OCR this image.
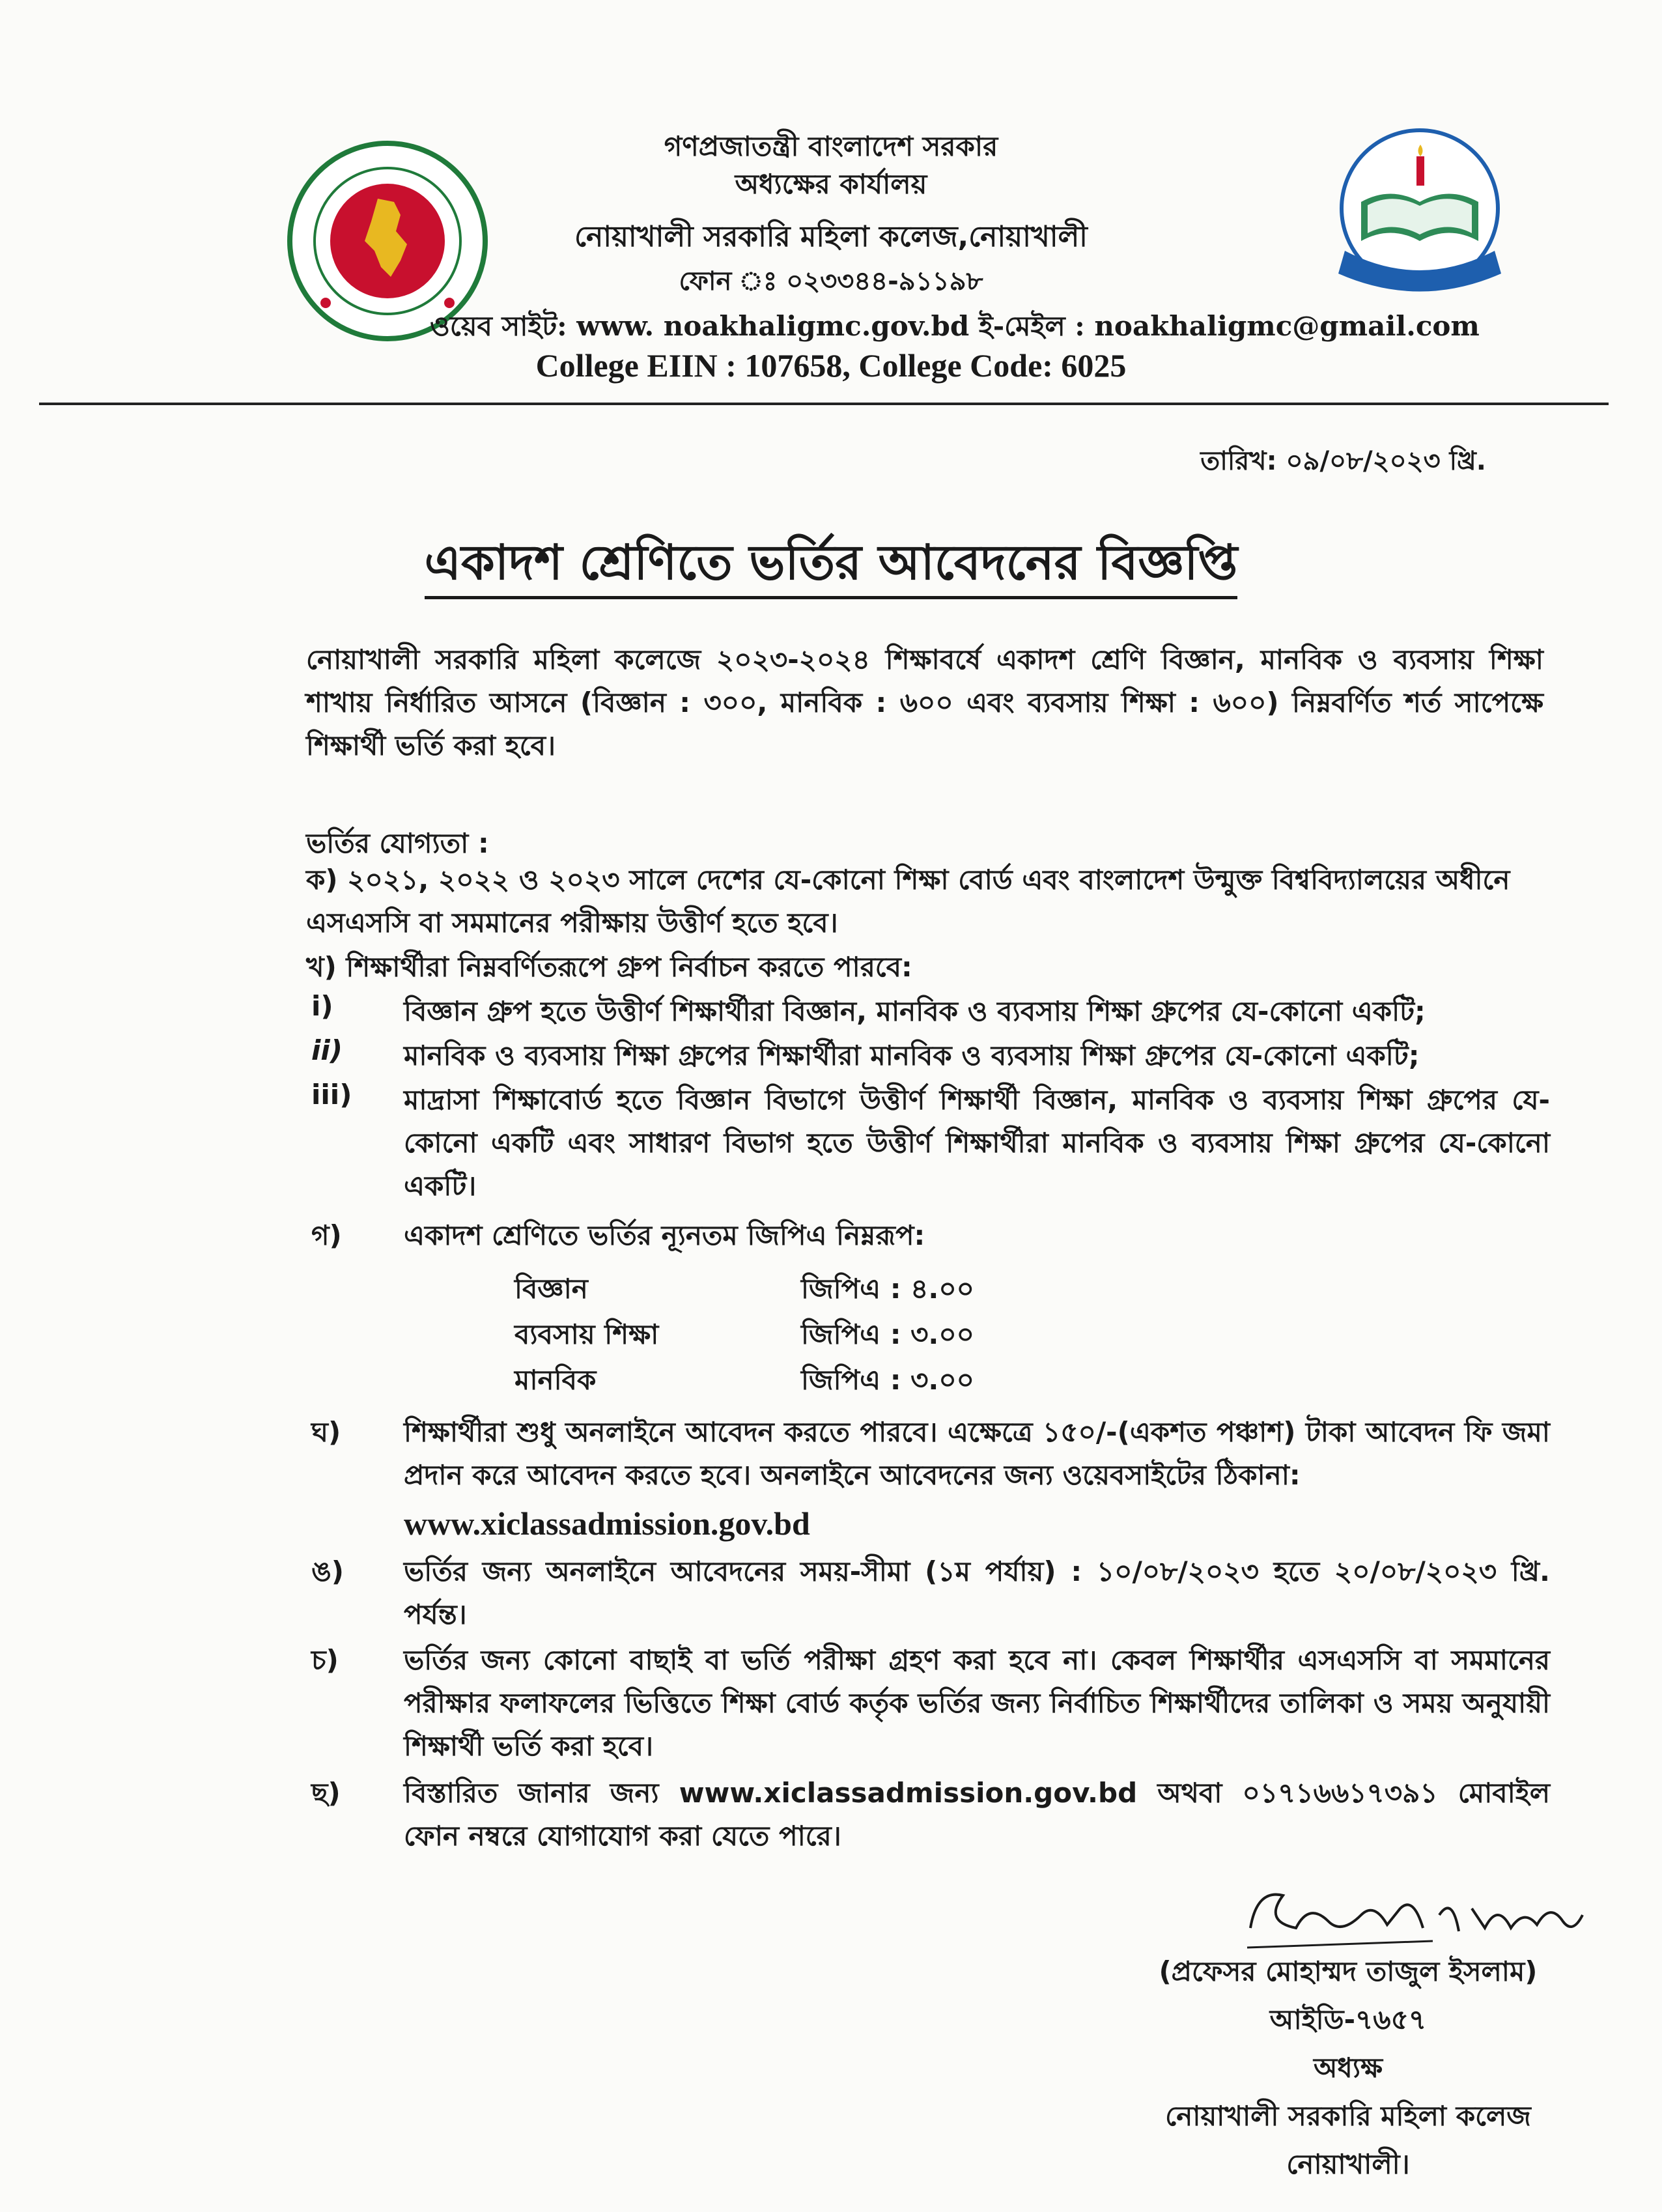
গণপ্রজাতন্ত্রী বাংলাদেশ সরকার
অধ্যক্ষের কার্যালয়
নোয়াখালী সরকারি মহিলা কলেজ,নোয়াখালী
ফোন ঃ ০২৩৩৪৪-৯১১৯৮
ওয়েব সাইট: www. noakhaligmc.gov.bd ই-মেইল : noakhaligmc@gmail.com
College EIIN : 107658, College Code: 6025
তারিখ: ০৯/০৮/২০২৩ খ্রি.
একাদশ শ্রেণিতে ভর্তির আবেদনের বিজ্ঞপ্তি
নোয়াখালী সরকারি মহিলা কলেজে ২০২৩-২০২৪ শিক্ষাবর্ষে একাদশ শ্রেণি বিজ্ঞান, মানবিক ও ব্যবসায় শিক্ষা শাখায় নির্ধারিত আসনে (বিজ্ঞান : ৩০০, মানবিক : ৬০০ এবং ব্যবসায় শিক্ষা : ৬০০) নিম্নবর্ণিত শর্ত সাপেক্ষে শিক্ষার্থী ভর্তি করা হবে।
ভর্তির যোগ্যতা :
ক) ২০২১, ২০২২ ও ২০২৩ সালে দেশের যে-কোনো শিক্ষা বোর্ড এবং বাংলাদেশ উন্মুক্ত বিশ্ববিদ্যালয়ের অধীনে এসএসসি বা সমমানের পরীক্ষায় উত্তীর্ণ হতে হবে।
খ) শিক্ষার্থীরা নিম্নবর্ণিতরূপে গ্রুপ নির্বাচন করতে পারবে:
i)	বিজ্ঞান গ্রুপ হতে উত্তীর্ণ শিক্ষার্থীরা বিজ্ঞান, মানবিক ও ব্যবসায় শিক্ষা গ্রুপের যে-কোনো একটি;
ii) মানবিক ও ব্যবসায় শিক্ষা গ্রুপের শিক্ষার্থীরা মানবিক ও ব্যবসায় শিক্ষা গ্রুপের যে-কোনো একটি;
iii) মাদ্রাসা শিক্ষাবোর্ড হতে বিজ্ঞান বিভাগে উত্তীর্ণ শিক্ষার্থী বিজ্ঞান, মানবিক ও ব্যবসায় শিক্ষা গ্রুপের যে-কোনো একটি এবং সাধারণ বিভাগ হতে উত্তীর্ণ শিক্ষার্থীরা মানবিক ও ব্যবসায় শিক্ষা গ্রুপের যে-কোনো একটি।
গ) একাদশ শ্রেণিতে ভর্তির ন্যূনতম জিপিএ নিম্নরূপ:
বিজ্ঞান	জিপিএ : ৪.০০
ব্যবসায় শিক্ষা	জিপিএ : ৩.০০
মানবিক	জিপিএ : ৩.০০
ঘ) শিক্ষার্থীরা শুধু অনলাইনে আবেদন করতে পারবে। এক্ষেত্রে ১৫০/-(একশত পঞ্চাশ) টাকা আবেদন ফি জমা প্রদান করে আবেদন করতে হবে। অনলাইনে আবেদনের জন্য ওয়েবসাইটের ঠিকানা:
www.xiclassadmission.gov.bd
ঙ) ভর্তির জন্য অনলাইনে আবেদনের সময়-সীমা (১ম পর্যায়) : ১০/০৮/২০২৩ হতে ২০/০৮/২০২৩ খ্রি. পর্যন্ত।
চ) ভর্তির জন্য কোনো বাছাই বা ভর্তি পরীক্ষা গ্রহণ করা হবে না। কেবল শিক্ষার্থীর এসএসসি বা সমমানের পরীক্ষার ফলাফলের ভিত্তিতে শিক্ষা বোর্ড কর্তৃক ভর্তির জন্য নির্বাচিত শিক্ষার্থীদের তালিকা ও সময় অনুযায়ী শিক্ষার্থী ভর্তি করা হবে।
ছ) বিস্তারিত জানার জন্য www.xiclassadmission.gov.bd অথবা ০১৭১৬৬১৭৩৯১ মোবাইল ফোন নম্বরে যোগাযোগ করা যেতে পারে।
(প্রফেসর মোহাম্মদ তাজুল ইসলাম)
আইডি-৭৬৫৭
অধ্যক্ষ
নোয়াখালী সরকারি মহিলা কলেজ
নোয়াখালী।
